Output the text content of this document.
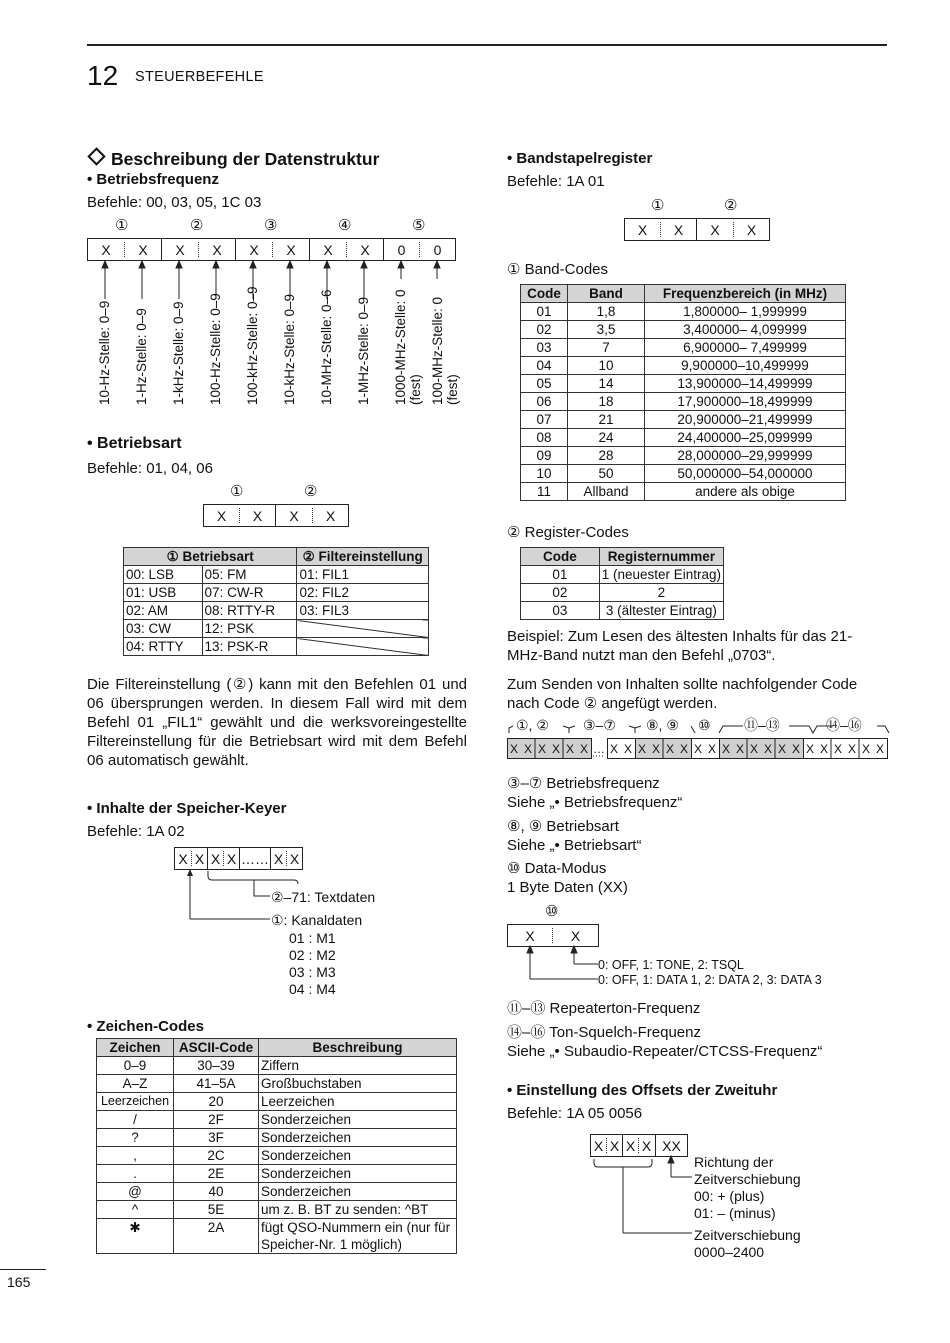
12 STEUERBEFEHLE
165
Beschreibung der Datenstruktur
• Betriebsfrequenz
Befehle: 00, 03, 05, 1C 03
①	②	③	④	⑤
X	X	X	X	X	X	X	X	0	0
10-Hz-Stelle: 0–9 1-Hz-Stelle: 0–9 1-kHz-Stelle: 0–9 100-Hz-Stelle: 0–9 100-kHz-Stelle: 0–9 10-kHz-Stelle: 0–9 10-MHz-Stelle: 0–6 1-MHz-Stelle: 0–9 1000-MHz-Stelle: 0 (fest) 100-MHz-Stelle: 0 (fest)
• Betriebsart
Befehle: 01, 04, 06
①	②
X	X	X	X
① Betriebsart		② Filtereinstellung
00: LSB	05: FM	01: FIL1
01: USB	07: CW-R	02: FIL2
02: AM	08: RTTY-R	03: FIL3
03: CW	12: PSK	
04: RTTY	13: PSK-R	
Die Filtereinstellung (②) kann mit den Befehlen 01 und 06 übersprungen werden. In diesem Fall wird mit dem Befehl 01 „FIL1“ gewählt und die werksvoreingestellte Filtereinstellung für die Betriebsart wird mit dem Befehl 06 automatisch gewählt.
• Inhalte der Speicher-Keyer
Befehle: 1A 02
X X X X …… X X
②–71: Textdaten
①: Kanaldaten
01 : M1
02 : M2
03 : M3
04 : M4
• Zeichen-Codes
Zeichen	ASCII-Code	Beschreibung
0–9	30–39	Ziffern
A–Z	41–5A	Großbuchstaben
Leerzeichen	20	Leerzeichen
/	2F	Sonderzeichen
?	3F	Sonderzeichen
,	2C	Sonderzeichen
.	2E	Sonderzeichen
@	40	Sonderzeichen
^	5E	um z. B. BT zu senden: ^BT
✱	2A	fügt QSO-Nummern ein (nur für Speicher-Nr. 1 möglich)
• Bandstapelregister
Befehle: 1A 01
①	②
X	X	X	X
① Band-Codes
Code	Band	Frequenzbereich (in MHz)
01	1,8	1,800000– 1,999999
02	3,5	3,400000– 4,099999
03	7	6,900000– 7,499999
04	10	9,900000–10,499999
05	14	13,900000–14,499999
06	18	17,900000–18,499999
07	21	20,900000–21,499999
08	24	24,400000–25,099999
09	28	28,000000–29,999999
10	50	50,000000–54,000000
11	Allband	andere als obige
② Register-Codes
Code	Registernummer
01	1 (neuester Eintrag)
02	2
03	3 (ältester Eintrag)
Beispiel: Zum Lesen des ältesten Inhalts für das 21-MHz-Band nutzt man den Befehl „0703“.
Zum Senden von Inhalten sollte nachfolgender Code nach Code ② angefügt werden.
①, ② ③–⑦ ⑧, ⑨ ⑩ ⑪–⑬	⑭–⑯
X X X X X X … X X X X X X X X X X X X X X X X X X X X
③–⑦ Betriebsfrequenz
Siehe „• Betriebsfrequenz“
⑧, ⑨ Betriebsart
Siehe „• Betriebsart“
⑩ Data-Modus
1 Byte Daten (XX)
⑩
X	X
0: OFF, 1: TONE, 2: TSQL
0: OFF, 1: DATA 1, 2: DATA 2, 3: DATA 3
⑪–⑬ Repeaterton-Frequenz
⑭–⑯ Ton-Squelch-Frequenz
Siehe „• Subaudio-Repeater/CTCSS-Frequenz“
• Einstellung des Offsets der Zweituhr
Befehle: 1A 05 0056
X X X X XX
Richtung der
Zeitverschiebung
00: + (plus)
01: – (minus)
Zeitverschiebung
0000–2400
